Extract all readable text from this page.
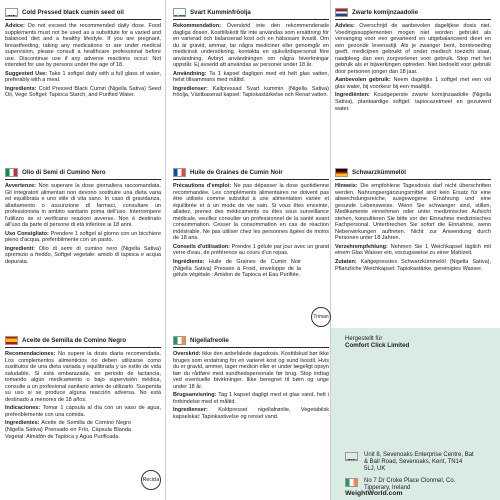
Cold Pressed black cumin seed oil

Advice: Do not exceed the recommended daily dose. Food supplements must not be used as a substitute for a varied and balanced diet and a healthy lifestyle. If you are pregnant, breastfeeding, taking any medications or are under medical supervision, please consult a healthcare professional before use. Discontinue use if any adverse reactions occur. Not intended for use by persons under the age of 18.

Suggested Use: Take 1 softgel daily with a full glass of water, preferably with a meal.

Ingredients: Cold Pressed Black Cumin (Nigella Sativa) Seed Oil, Vege Softgel: Tapioca Starch, and Purified Water.

Olio di Semi di Cumino Nero

Avvertenze: Non superare la dose giornaliera raccomandata. Gli integratori alimentari non devono sostituire una dieta varia ed equilibrata e uno stile di vita sano. In caso di gravidanza, allattamento o assunzione di farmaci, consultare un professionista in ambito sanitario prima dell'uso. Interrompere l'utilizzo se si verificano reazioni avverse. Non è destinato all'uso da parte di persone di età inferiore ai 18 anni.

Uso Consigliato: Prendere 1 softgel al giorno con un bicchiere pieno d'acqua, preferibilmente con un pasto.

Ingredienti: Olio di semi di cumino nero (Nigella Sativa) spremuto a freddo, Softgel vegetale: amido di tapioca e acqua depurata.

Aceite de Semilla de Comino Negro

Recomendaciones: No supere la dosis diaria recomendada. Los complementos alimenticios no deben utilizarse como sustitutos de una dieta variada y equilibrada y un estilo de vida saludable. Si está embarazada, en periodo de lactancia, tomando algún medicamento o bajo supervisión médica, consulte a un profesional sanitario antes de utilizarlo. Suspenda su uso si se produce alguna reacción adversa. No está destinado a menores de 18 años.

Indicaciones: Tomar 1 cápsula al día con un vaso de agua, preferiblemente con una comida.

Ingredientes: Aceite de Semilla de Comino Negro (Nigella Sativa) Prensado en Frío, Cápsula Blanda Vegetal: Almidón de Tapioca y Agua Purificada.

Recicla
Svart Kumminfröolja

Rekommendation: Överskrid inte den rekommenderade dagliga dosen. Kosttillskott får inte användas som ersättning för en varierad och balanserad kost och en hälsosam livsstil. Om du är gravid, ammar, tar några mediciner eller genomgår en medicinsk undersökning, kontakta en sjukvårdspersonal före användning. Avbryt användningen om några biverkningar uppstår. Ej avsedd att användas av personer under 18 år.

Användning: Ta 1 kapsel dagligen med ett helt glas vatten, helst tillsammans med måltid.

Ingredienser: Kallpressad Svart kummin (Nigella Sativa) fröolja, Växtbaserad kapsel: Tapiokastärkelse och Renat vatten.

Huile de Graines de Cumin Noir

Précautions d'emploi: Ne pas dépasser la dose quotidienne recommandée. Les compléments alimentaires ne doivent pas être utilisés comme substitut à une alimentation variée et équilibrée et à un mode de vie sain. Si vous êtes enceinte, allaitez, prenez des médicaments ou êtes sous surveillance médicale, veuillez consulter un professionnel de la santé avant consommation. Cesser la consommation en cas de réaction indésirable. Ne pas utiliser chez les personnes âgées de moins de 18 ans.

Conseils d'utilisation: Prendre 1 gélule par jour avec un grand verre d'eau, de préférence au cours d'un repas.

Ingrédients: Huile de Graines de Cumin Noir (Nigella Sativa) Pressée à Froid, enveloppe de la gélule végétale : Amidon de Tapioca et Eau Purifiée.

Triman
Nigellafreolie

Overskrid: ikke den anbefalede dagsdosis. Kosttilskud bør ikke bruges som erstatning for en varieret kost og sund livsstil. Hvis du er gravid, ammer, tager medicin eller er under lægeligt opsyn bør du rådføre med sundhedspersonale før brug. Stop indtag ved eventuelle bivirkninger. Ikke beregnet til børn og unge under 18 år.

Brugsanvisning: Tag 1 kapsel dagligt med et glas vand, helt i forbindelse med et måltid.

Ingredienser: Koldpresset nigellafrøolie, Vegetabilsk kapselskal: Tapiokastivelse og renset vand.

Zwarte komijnzaadolie

Advies: Overschrijd de aanbevolen dagelijkse dosis niet. Voedingssupplementen mogen niet worden gebruikt als vervanging voor een gevarieerd en uitgebalanceerd dieet en een gezonde levensstijl. Als je zwanger bent, borstvoeding geeft, medicijnen gebruikt of onder medisch toezicht staat, raadpleeg dan een zorgverlener voor gebruik. Stop met het gebruik als er bijwerkingen optreden. Niet bedoeld voor gebruik door personen jonger dan 18 jaar.

Aanbevolen gebruik: Neem dagelijks 1 softgel met een vol glas water, bij voorkeur bij een maaltijd.

Ingrediënten: Koudgeperste zwarte komijnzaadolie (Nigella Sativa), plantaardige softgel: tapiocazetmeel en gezuiverd water.

Schwarzkümmelöl

Hinweis: Die empfohlene Tagesdosis darf nicht überschritten werden. Nahrungsergänzungsmittel sind kein Ersatz für eine abwechslungsreiche, ausgewogene Ernährung und eine gesunde Lebensweise. Wenn Sie schwanger sind, stillen, Medikamente einnehmen oder unter medizinischer Aufsicht stehen, konsultieren Sie bitte vor der Einnahme medizinisches Fachpersonal. Unterbrechen Sie sofort die Einnahme, wenn Nebenwirkungen auftreten. Nicht zur Anwendung durch Personen unter 18 Jahren.

Verzehrempfehlung: Nehmen Sie 1 Weichkapsel täglich mit einem Glas Wasser ein, vorzugsweise zu einer Mahlzeit.

Zutaten: Kaltgepresstes Schwarzkümmelöl (Nigella Sativa), Pflanzliche Weichkapsel: Tapiokastärke, gereinigtes Wasser.

Hergestellt für
Comfort Click Limited
Unit 8, Sevenoaks Enterprise Centre, Bat & Ball Road, Sevenoaks, Kent, TN14 5LJ, UK
No 7 Dr Croke Place Clonmel, Co. Tipperary, Ireland
WeightWorld.com
